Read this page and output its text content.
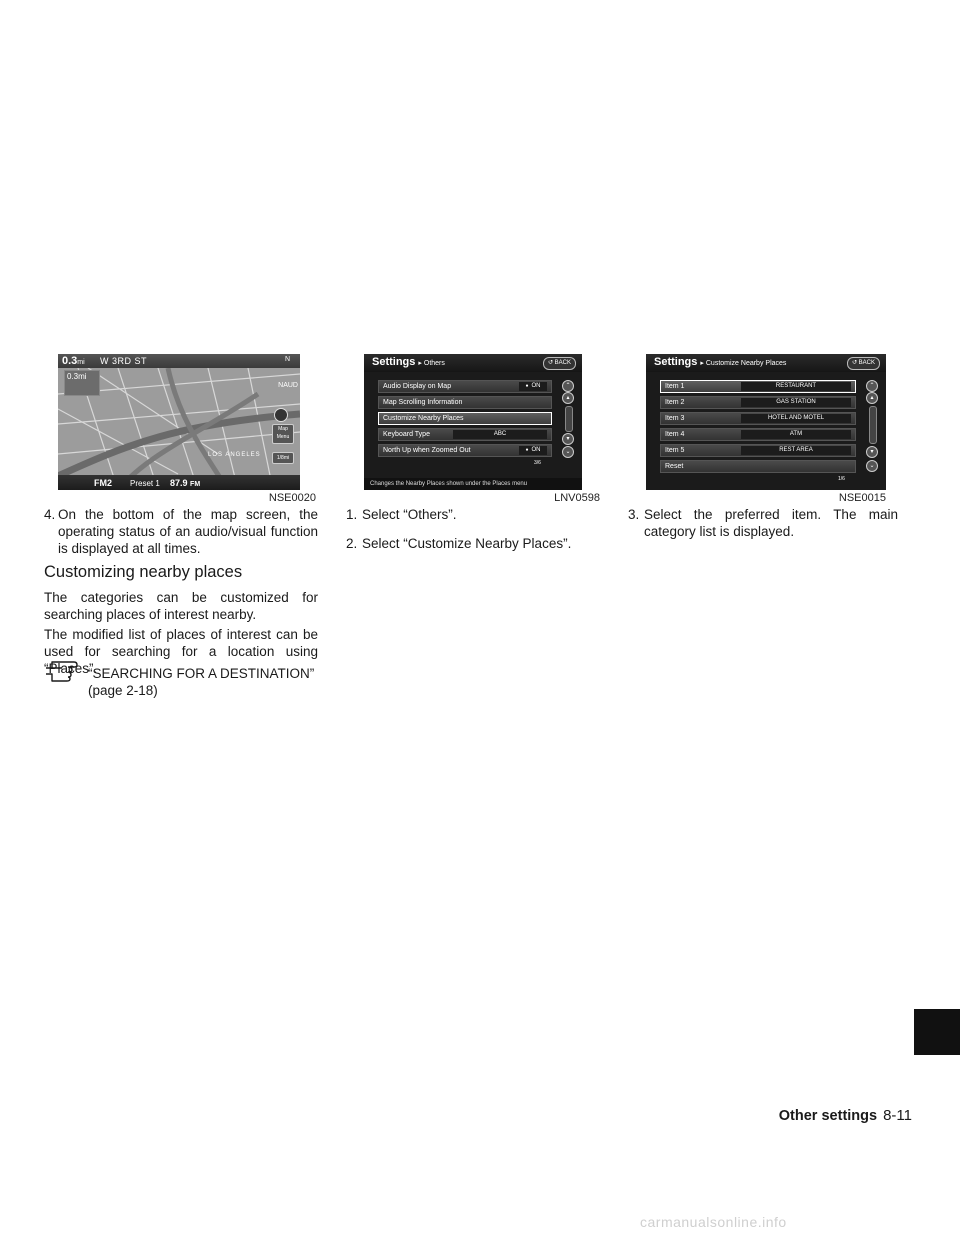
0.3mi W 3RD ST
0.3mi
N
NAUD
Map Menu
1/8mi
LOS ANGELES
FM2 Preset 1 87.9 FM
NSE0020
Settings ▸ Others	↺ BACK
Audio Display on Map	● ON
Map Scrolling Information
Customize Nearby Places
Keyboard Type	ABC
North Up when Zoomed Out	● ON
⌃
▴
▾
⌄
3/6
Changes the Nearby Places shown under the Places menu
LNV0598
Settings ▸ Customize Nearby Places	↺ BACK
Item 1	RESTAURANT
Item 2	GAS STATION
Item 3	HOTEL AND MOTEL
Item 4	ATM
Item 5	REST AREA
Reset
⌃
▴
▾
⌄
1/6
NSE0015

4. On the bottom of the map screen, the operating status of an audio/visual function is displayed at all times.

Customizing nearby places

The categories can be customized for searching places of interest nearby.

The modified list of places of interest can be used for searching for a location using “Places”.

“SEARCHING FOR A DESTINATION” (page 2-18)

1. Select “Others”.

2. Select “Customize Nearby Places”.

3. Select the preferred item. The main category list is displayed.

Other settings 8-11
carmanualsonline.info
